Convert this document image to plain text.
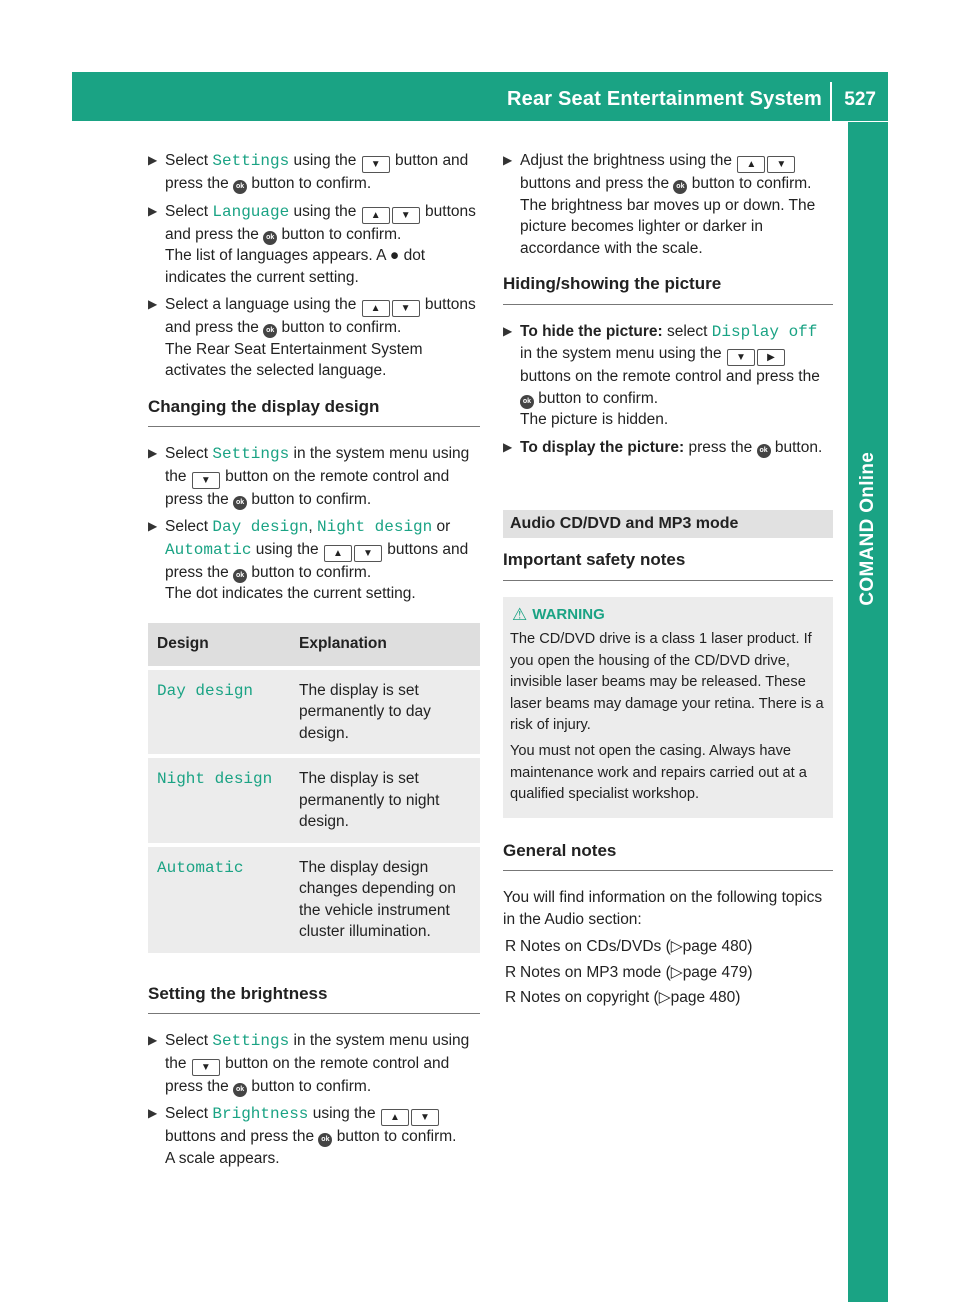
Rear Seat Entertainment System 527
COMAND Online
▶ Select Settings using the ▼ button and press the ok button to confirm.
▶ Select Language using the ▲ ▼ buttons and press the ok button to confirm.
The list of languages appears. A ● dot indicates the current setting.
▶ Select a language using the ▲ ▼ buttons and press the ok button to confirm.
The Rear Seat Entertainment System activates the selected language.
Changing the display design
▶ Select Settings in the system menu using the ▼ button on the remote control and press the ok button to confirm.
▶ Select Day design, Night design or Automatic using the ▲ ▼ buttons and press the ok button to confirm.
The dot indicates the current setting.
Design	Explanation
Day design	The display is set permanently to day design.
Night design	The display is set permanently to night design.
Automatic	The display design changes depending on the vehicle instrument cluster illumination.
Setting the brightness
▶ Select Settings in the system menu using the ▼ button on the remote control and press the ok button to confirm.
▶ Select Brightness using the ▲ ▼ buttons and press the ok button to confirm.
A scale appears.
▶ Adjust the brightness using the ▲ ▼ buttons and press the ok button to confirm.
The brightness bar moves up or down. The picture becomes lighter or darker in accordance with the scale.
Hiding/showing the picture
▶ To hide the picture: select Display off in the system menu using the ▼ ▶ buttons on the remote control and press the ok button to confirm.
The picture is hidden.
▶ To display the picture: press the ok button.
Audio CD/DVD and MP3 mode
Important safety notes
⚠ WARNING

The CD/DVD drive is a class 1 laser product. If you open the housing of the CD/DVD drive, invisible laser beams may be released. These laser beams may damage your retina. There is a risk of injury.

You must not open the casing. Always have maintenance work and repairs carried out at a qualified specialist workshop.

General notes

You will find information on the following topics in the Audio section:

R Notes on CDs/DVDs (▷page 480)
R Notes on MP3 mode (▷page 479)
R Notes on copyright (▷page 480)
